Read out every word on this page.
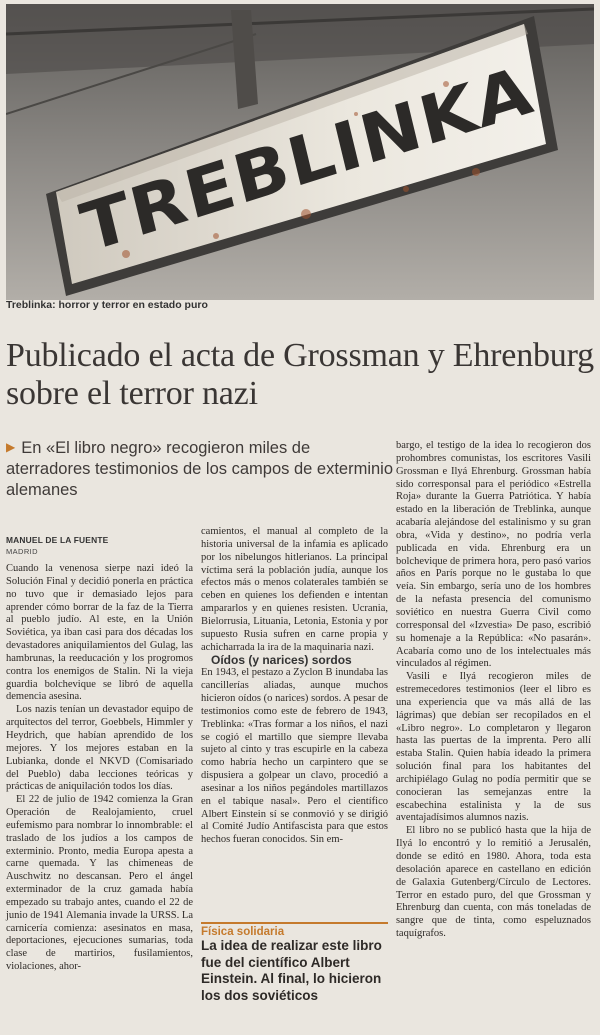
TREBLINKA
Treblinka: horror y terror en estado puro
Publicado el acta de Grossman y Ehrenburg sobre el terror nazi
▶ En «El libro negro» recogieron miles de aterradores testimonios de los campos de exterminio alemanes
MANUEL DE LA FUENTE
MADRID

Cuando la venenosa sierpe nazi ideó la Solución Final y decidió ponerla en práctica no tuvo que ir demasiado lejos para aprender cómo borrar de la faz de la Tierra al pueblo judío. Al este, en la Unión Soviética, ya iban casi para dos décadas los devastadores aniquilamientos del Gulag, las hambrunas, la reeducación y los progromos contra los enemigos de Stalin. Ni la vieja guardia bolchevique se libró de aquella demencia asesina.

Los nazis tenían un devastador equipo de arquitectos del terror, Goebbels, Himmler y Heydrich, que habían aprendido de los mejores. Y los mejores estaban en la Lubianka, donde el NKVD (Comisariado del Pueblo) daba lecciones teóricas y prácticas de aniquilación todos los días.

El 22 de julio de 1942 comienza la Gran Operación de Realojamiento, cruel eufemismo para nombrar lo innombrable: el traslado de los judíos a los campos de exterminio. Pronto, media Europa apesta a carne quemada. Y las chimeneas de Auschwitz no descansan. Pero el ángel exterminador de la cruz gamada había empezado su trabajo antes, cuando el 22 de junio de 1941 Alemania invade la URSS. La carnicería comienza: asesinatos en masa, deportaciones, ejecuciones sumarias, toda clase de martirios, fusilamientos, violaciones, ahor-

camientos, el manual al completo de la historia universal de la infamia es aplicado por los nibelungos hitlerianos. La principal víctima será la población judía, aunque los efectos más o menos colaterales también se ceben en quienes los defienden e intentan ampararlos y en quienes resisten. Ucrania, Bielorrusia, Lituania, Letonia, Estonia y por supuesto Rusia sufren en carne propia y achicharrada la ira de la maquinaria nazi.

Oídos (y narices) sordos

En 1943, el pestazo a Zyclon B inundaba las cancillerías aliadas, aunque muchos hicieron oídos (o narices) sordos. A pesar de testimonios como este de febrero de 1943, Treblinka: «Tras formar a los niños, el nazi se cogió el martillo que siempre llevaba sujeto al cinto y tras escupirle en la cabeza como habría hecho un carpintero que se dispusiera a golpear un clavo, procedió a asesinar a los niños pegándoles martillazos en el tabique nasal». Pero el científico Albert Einstein sí se conmovió y se dirigió al Comité Judío Antifascista para que estos hechos fueran conocidos. Sin em-

Física solidaria
La idea de realizar este libro fue del científico Albert Einstein. Al final, lo hicieron los dos soviéticos

bargo, el testigo de la idea lo recogieron dos prohombres comunistas, los escritores Vasili Grossman e Ilyá Ehrenburg. Grossman había sido corresponsal para el periódico «Estrella Roja» durante la Guerra Patriótica. Y había estado en la liberación de Treblinka, aunque acabaría alejándose del estalinismo y su gran obra, «Vida y destino», no podría verla publicada en vida. Ehrenburg era un bolchevique de primera hora, pero pasó varios años en París porque no le gustaba lo que veía. Sin embargo, sería uno de los hombres de la nefasta presencia del comunismo soviético en nuestra Guerra Civil como corresponsal del «Izvestia» De paso, escribió su homenaje a la República: «No pasarán». Acabaría como uno de los intelectuales más vinculados al régimen.

Vasili e Ilyá recogieron miles de estremecedores testimonios (leer el libro es una experiencia que va más allá de las lágrimas) que debían ser recopilados en el «Libro negro». Lo completaron y llegaron hasta las puertas de la imprenta. Pero allí estaba Stalin. Quien había ideado la primera solución final para los habitantes del archipiélago Gulag no podía permitir que se conocieran las semejanzas entre la escabechina estalinista y la de sus aventajadísimos alumnos nazis.

El libro no se publicó hasta que la hija de Ilyá lo encontró y lo remitió a Jerusalén, donde se editó en 1980. Ahora, toda esta desolación aparece en castellano en edición de Galaxia Gutenberg/Círculo de Lectores. Terror en estado puro, del que Grossman y Ehrenburg dan cuenta, con más toneladas de sangre que de tinta, como espeluznados taquígrafos.
